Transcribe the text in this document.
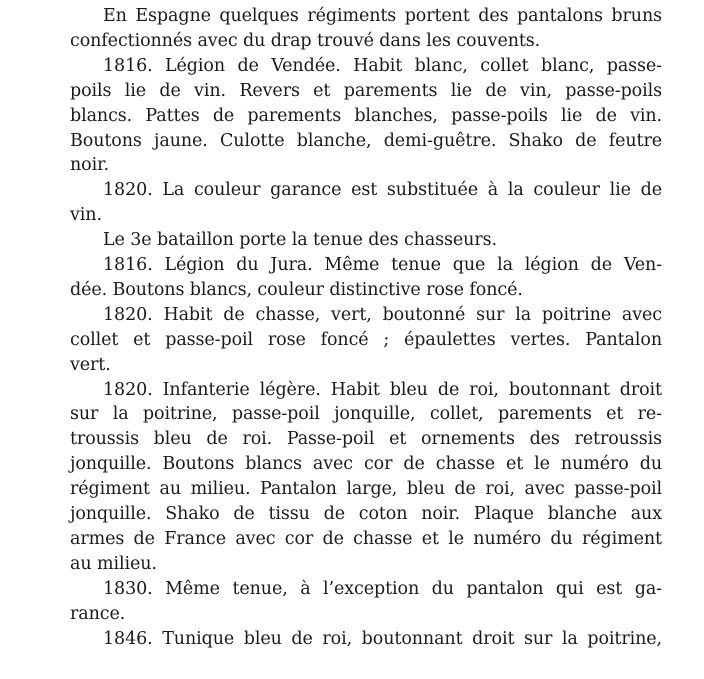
En Espagne quelques régiments portent des pantalons bruns
confectionnés avec du drap trouvé dans les couvents.
1816. Légion de Vendée. Habit blanc, collet blanc, passe-
poils lie de vin. Revers et parements lie de vin, passe-poils
blancs. Pattes de parements blanches, passe-poils lie de vin.
Boutons jaune. Culotte blanche, demi-guêtre. Shako de feutre
noir.
1820. La couleur garance est substituée à la couleur lie de
vin.
Le 3e bataillon porte la tenue des chasseurs.
1816. Légion du Jura. Même tenue que la légion de Ven-
dée. Boutons blancs, couleur distinctive rose foncé.
1820. Habit de chasse, vert, boutonné sur la poitrine avec
collet et passe-poil rose foncé ; épaulettes vertes. Pantalon
vert.
1820. Infanterie légère. Habit bleu de roi, boutonnant droit
sur la poitrine, passe-poil jonquille, collet, parements et re-
troussis bleu de roi. Passe-poil et ornements des retroussis
jonquille. Boutons blancs avec cor de chasse et le numéro du
régiment au milieu. Pantalon large, bleu de roi, avec passe-poil
jonquille. Shako de tissu de coton noir. Plaque blanche aux
armes de France avec cor de chasse et le numéro du régiment
au milieu.
1830. Même tenue, à l’exception du pantalon qui est ga-
rance.
1846. Tunique bleu de roi, boutonnant droit sur la poitrine,
